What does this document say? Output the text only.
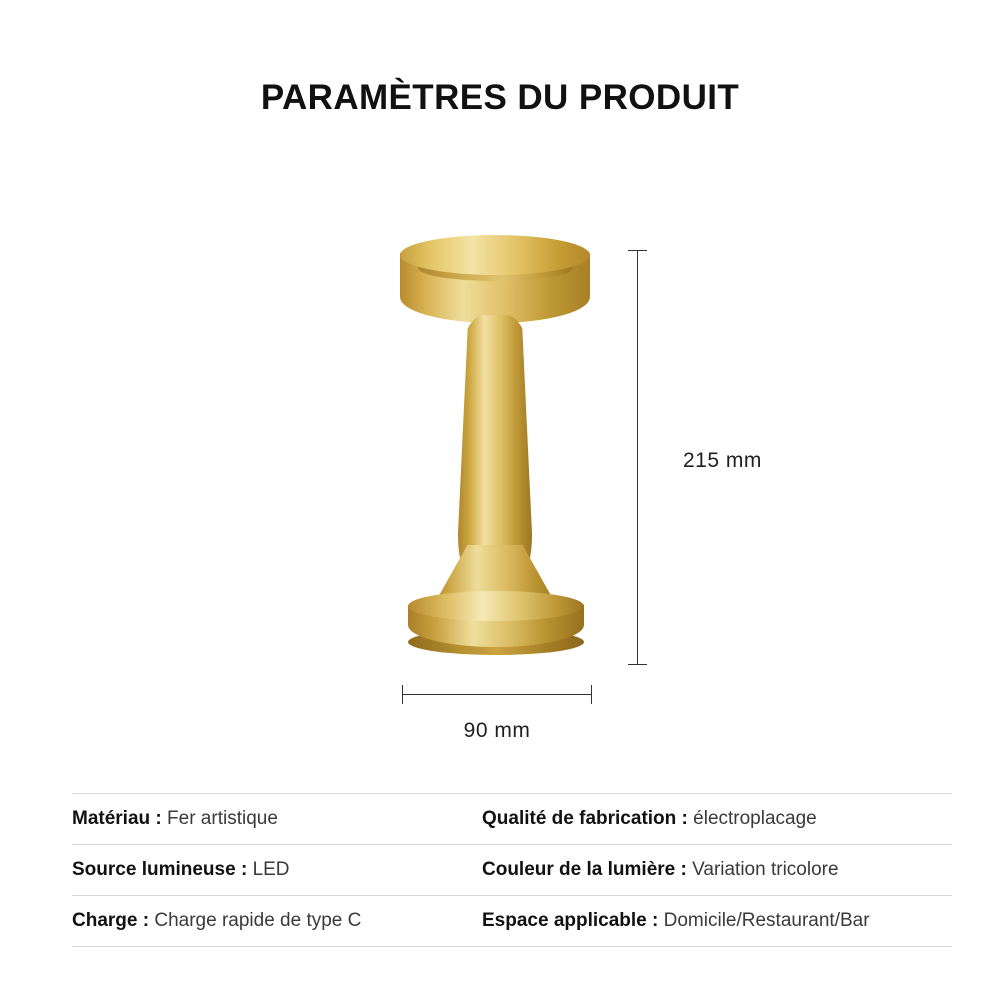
PARAMÈTRES DU PRODUIT
215 mm
90 mm
Matériau : Fer artistique	Qualité de fabrication : électroplacage
Source lumineuse : LED	Couleur de la lumière : Variation tricolore
Charge : Charge rapide de type C	Espace applicable : Domicile/Restaurant/Bar
